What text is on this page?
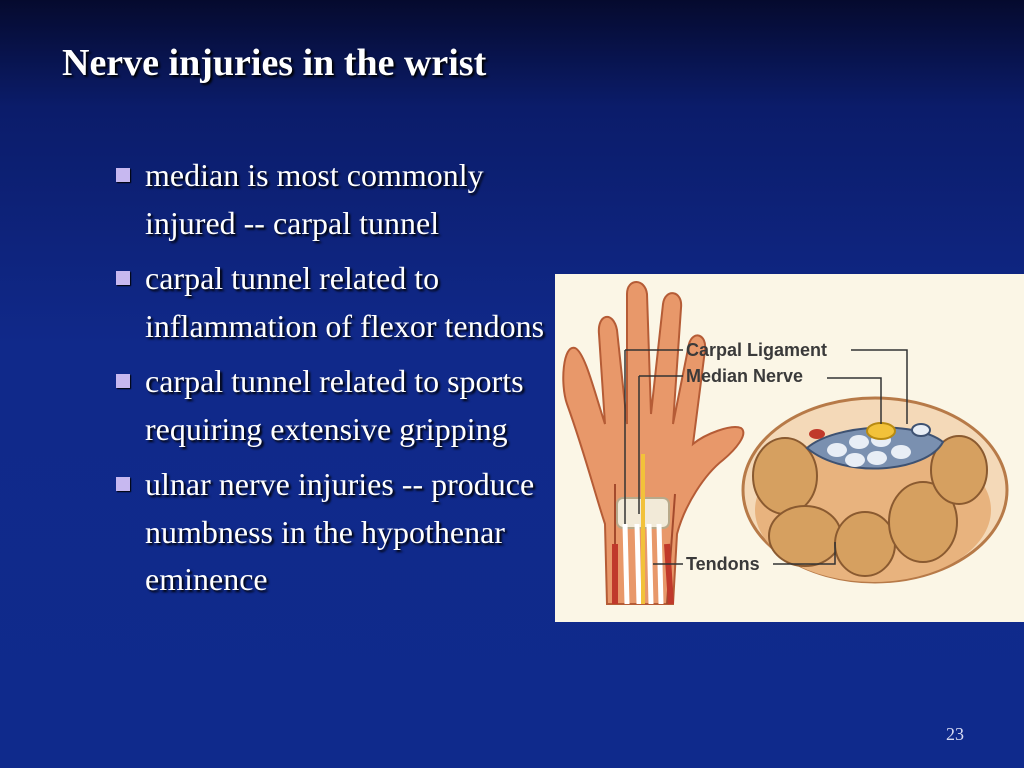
Nerve injuries in the wrist
median is most commonly injured -- carpal tunnel
carpal tunnel related to inflammation of flexor tendons
carpal tunnel related to sports requiring extensive gripping
ulnar nerve injuries -- produce numbness in the hypothenar eminence
Carpal Ligament
Median Nerve
Tendons
23
